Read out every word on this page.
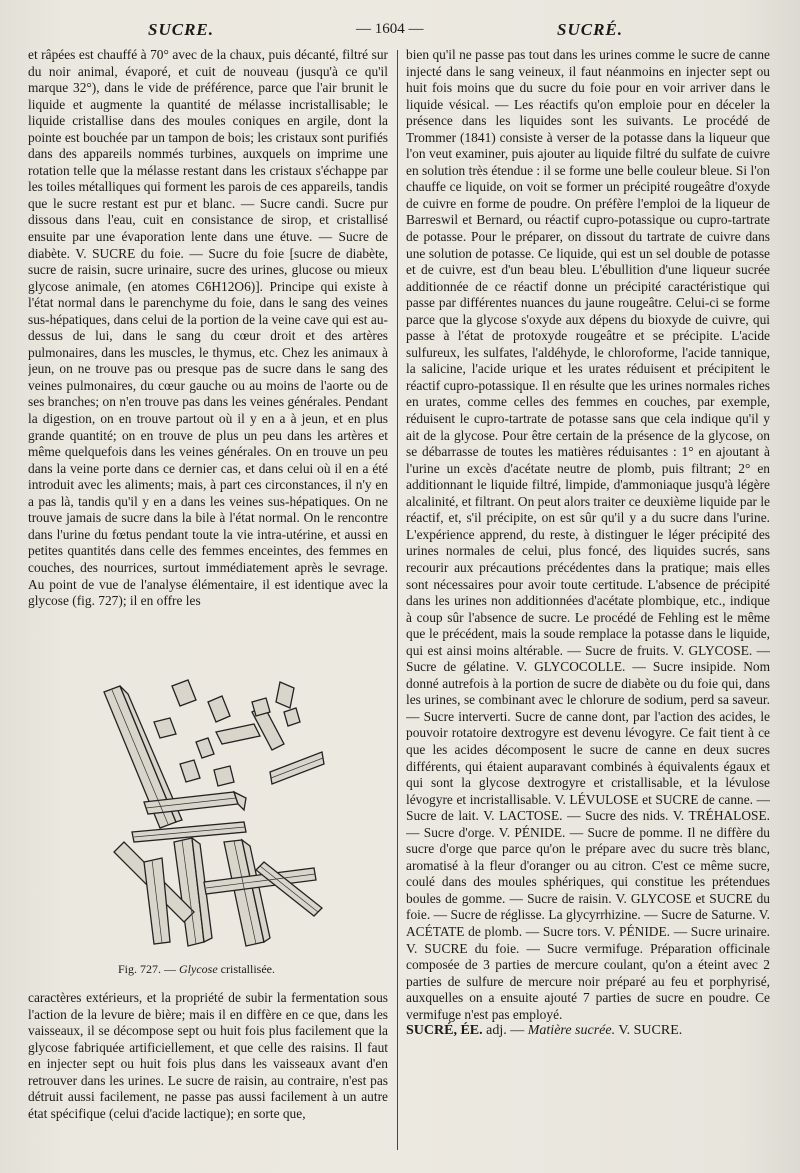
SUCRE.	— 1604 —	SUCRÉ.

et râpées est chauffé à 70° avec de la chaux, puis décanté, filtré sur du noir animal, évaporé, et cuit de nouveau (jusqu'à ce qu'il marque 32°), dans le vide de préférence, parce que l'air brunit le liquide et augmente la quantité de mélasse incristallisable; le liquide cristallise dans des moules coniques en argile, dont la pointe est bouchée par un tampon de bois; les cristaux sont purifiés dans des appareils nommés turbines, auxquels on imprime une rotation telle que la mélasse restant dans les cristaux s'échappe par les toiles métalliques qui forment les parois de ces appareils, tandis que le sucre restant est pur et blanc. — Sucre candi. Sucre pur dissous dans l'eau, cuit en consistance de sirop, et cristallisé ensuite par une évaporation lente dans une étuve. — Sucre de diabète. V. SUCRE du foie. — Sucre du foie [sucre de diabète, sucre de raisin, sucre urinaire, sucre des urines, glucose ou mieux glycose animale, (en atomes C6H12O6)]. Principe qui existe à l'état normal dans le parenchyme du foie, dans le sang des veines sus-hépatiques, dans celui de la portion de la veine cave qui est au-dessus de lui, dans le sang du cœur droit et des artères pulmonaires, dans les muscles, le thymus, etc. Chez les animaux à jeun, on ne trouve pas ou presque pas de sucre dans le sang des veines pulmonaires, du cœur gauche ou au moins de l'aorte ou de ses branches; on n'en trouve pas dans les veines générales. Pendant la digestion, on en trouve partout où il y en a à jeun, et en plus grande quantité; on en trouve de plus un peu dans les artères et même quelquefois dans les veines générales. On en trouve un peu dans la veine porte dans ce dernier cas, et dans celui où il en a été introduit avec les aliments; mais, à part ces circonstances, il n'y en a pas là, tandis qu'il y en a dans les veines sus-hépatiques. On ne trouve jamais de sucre dans la bile à l'état normal. On le rencontre dans l'urine du fœtus pendant toute la vie intra-utérine, et aussi en petites quantités dans celle des femmes enceintes, des femmes en couches, des nourrices, surtout immédiatement après le sevrage. Au point de vue de l'analyse élémentaire, il est identique avec la glycose (fig. 727); il en offre les

Fig. 727. — Glycose cristallisée.

caractères extérieurs, et la propriété de subir la fermentation sous l'action de la levure de bière; mais il en diffère en ce que, dans les vaisseaux, il se décompose sept ou huit fois plus facilement que la glycose fabriquée artificiellement, et que celle des raisins. Il faut en injecter sept ou huit fois plus dans les vaisseaux avant d'en retrouver dans les urines. Le sucre de raisin, au contraire, n'est pas détruit aussi facilement, ne passe pas aussi facilement à un autre état spécifique (celui d'acide lactique); en sorte que,

bien qu'il ne passe pas tout dans les urines comme le sucre de canne injecté dans le sang veineux, il faut néanmoins en injecter sept ou huit fois moins que du sucre du foie pour en voir arriver dans le liquide vésical. — Les réactifs qu'on emploie pour en déceler la présence dans les liquides sont les suivants. Le procédé de Trommer (1841) consiste à verser de la potasse dans la liqueur que l'on veut examiner, puis ajouter au liquide filtré du sulfate de cuivre en solution très étendue : il se forme une belle couleur bleue. Si l'on chauffe ce liquide, on voit se former un précipité rougeâtre d'oxyde de cuivre en forme de poudre. On préfère l'emploi de la liqueur de Barreswil et Bernard, ou réactif cupro-potassique ou cupro-tartrate de potasse. Pour le préparer, on dissout du tartrate de cuivre dans une solution de potasse. Ce liquide, qui est un sel double de potasse et de cuivre, est d'un beau bleu. L'ébullition d'une liqueur sucrée additionnée de ce réactif donne un précipité caractéristique qui passe par différentes nuances du jaune rougeâtre. Celui-ci se forme parce que la glycose s'oxyde aux dépens du bioxyde de cuivre, qui passe à l'état de protoxyde rougeâtre et se précipite. L'acide sulfureux, les sulfates, l'aldéhyde, le chloroforme, l'acide tannique, la salicine, l'acide urique et les urates réduisent et précipitent le réactif cupro-potassique. Il en résulte que les urines normales riches en urates, comme celles des femmes en couches, par exemple, réduisent le cupro-tartrate de potasse sans que cela indique qu'il y ait de la glycose. Pour être certain de la présence de la glycose, on se débarrasse de toutes les matières réduisantes : 1° en ajoutant à l'urine un excès d'acétate neutre de plomb, puis filtrant; 2° en additionnant le liquide filtré, limpide, d'ammoniaque jusqu'à légère alcalinité, et filtrant. On peut alors traiter ce deuxième liquide par le réactif, et, s'il précipite, on est sûr qu'il y a du sucre dans l'urine. L'expérience apprend, du reste, à distinguer le léger précipité des urines normales de celui, plus foncé, des liquides sucrés, sans recourir aux précautions précédentes dans la pratique; mais elles sont nécessaires pour avoir toute certitude. L'absence de précipité dans les urines non additionnées d'acétate plombique, etc., indique à coup sûr l'absence de sucre. Le procédé de Fehling est le même que le précédent, mais la soude remplace la potasse dans le liquide, qui est ainsi moins altérable. — Sucre de fruits. V. GLYCOSE. — Sucre de gélatine. V. GLYCOCOLLE. — Sucre insipide. Nom donné autrefois à la portion de sucre de diabète ou du foie qui, dans les urines, se combinant avec le chlorure de sodium, perd sa saveur. — Sucre interverti. Sucre de canne dont, par l'action des acides, le pouvoir rotatoire dextrogyre est devenu lévogyre. Ce fait tient à ce que les acides décomposent le sucre de canne en deux sucres différents, qui étaient auparavant combinés à équivalents égaux et qui sont la glycose dextrogyre et cristallisable, et la lévulose lévogyre et incristallisable. V. LÉVULOSE et SUCRE de canne. — Sucre de lait. V. LACTOSE. — Sucre des nids. V. TRÉHALOSE. — Sucre d'orge. V. PÉNIDE. — Sucre de pomme. Il ne diffère du sucre d'orge que parce qu'on le prépare avec du sucre très blanc, aromatisé à la fleur d'oranger ou au citron. C'est ce même sucre, coulé dans des moules sphériques, qui constitue les prétendues boules de gomme. — Sucre de raisin. V. GLYCOSE et SUCRE du foie. — Sucre de réglisse. La glycyrrhizine. — Sucre de Saturne. V. ACÉTATE de plomb. — Sucre tors. V. PÉNIDE. — Sucre urinaire. V. SUCRE du foie. — Sucre vermifuge. Préparation officinale composée de 3 parties de mercure coulant, qu'on a éteint avec 2 parties de sulfure de mercure noir préparé au feu et porphyrisé, auxquelles on a ensuite ajouté 7 parties de sucre en poudre. Ce vermifuge n'est pas employé.

SUCRÉ, ÉE. adj. — Matière sucrée. V. SUCRE.
